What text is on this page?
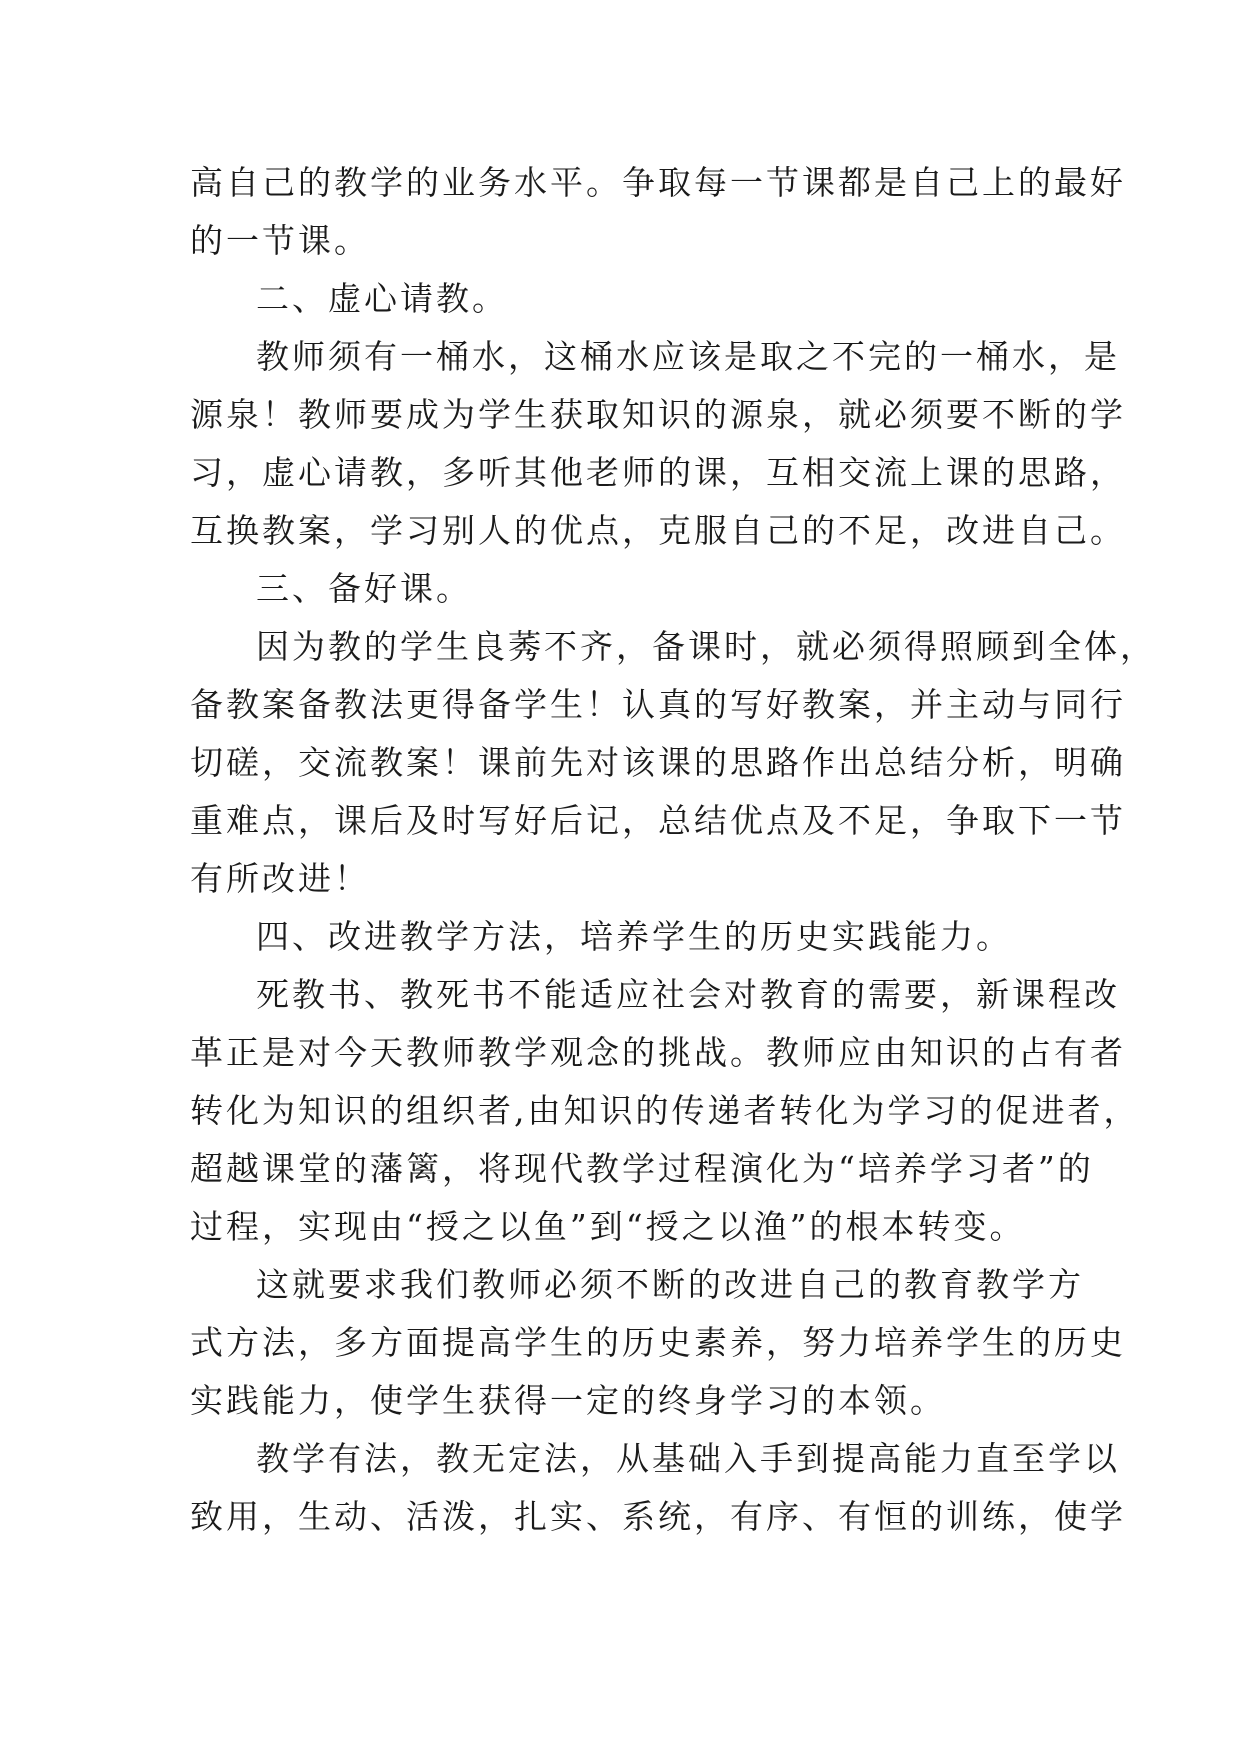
高自己的教学的业务水平。争取每一节课都是自己上的最好
的一节课。
二、虚心请教。
教师须有一桶水，这桶水应该是取之不完的一桶水，是
源泉！教师要成为学生获取知识的源泉，就必须要不断的学
习，虚心请教，多听其他老师的课，互相交流上课的思路，
互换教案，学习别人的优点，克服自己的不足，改进自己。
三、备好课。
因为教的学生良莠不齐，备课时，就必须得照顾到全体，
备教案备教法更得备学生！认真的写好教案，并主动与同行
切磋，交流教案！课前先对该课的思路作出总结分析，明确
重难点，课后及时写好后记，总结优点及不足，争取下一节
有所改进！
四、改进教学方法，培养学生的历史实践能力。
死教书、教死书不能适应社会对教育的需要，新课程改
革正是对今天教师教学观念的挑战。教师应由知识的占有者
转化为知识的组织者,由知识的传递者转化为学习的促进者，
超越课堂的藩篱，将现代教学过程演化为“培养学习者”的
过程，实现由“授之以鱼”到“授之以渔”的根本转变。
这就要求我们教师必须不断的改进自己的教育教学方
式方法，多方面提高学生的历史素养，努力培养学生的历史
实践能力，使学生获得一定的终身学习的本领。
教学有法，教无定法，从基础入手到提高能力直至学以
致用，生动、活泼，扎实、系统，有序、有恒的训练，使学
